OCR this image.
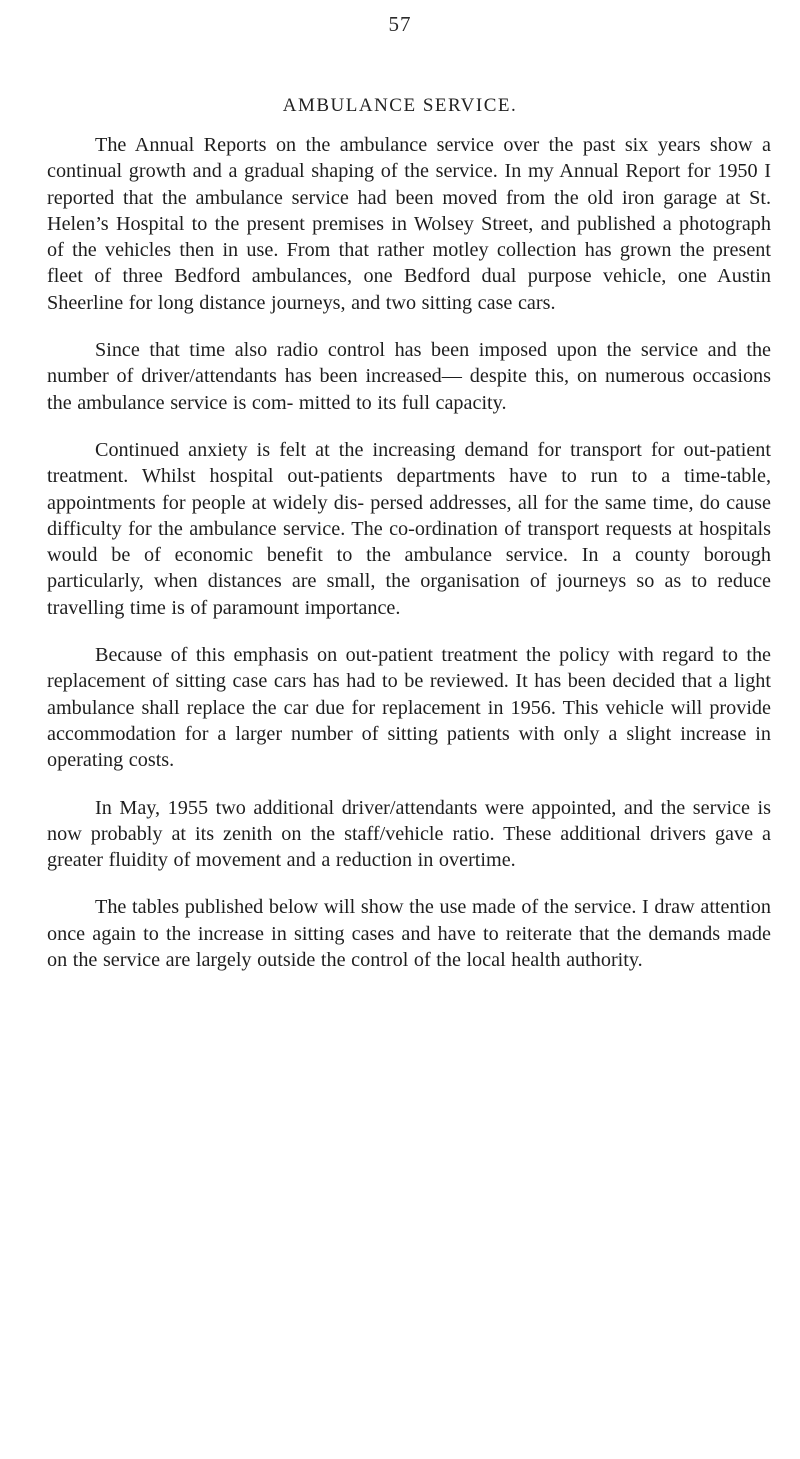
57
AMBULANCE SERVICE.

The Annual Reports on the ambulance service over the past six years show a continual growth and a gradual shaping of the service. In my Annual Report for 1950 I reported that the ambulance service had been moved from the old iron garage at St. Helen’s Hospital to the present premises in Wolsey Street, and published a photograph of the vehicles then in use. From that rather motley collection has grown the present fleet of three Bedford ambulances, one Bedford dual purpose vehicle, one Austin Sheerline for long distance journeys, and two sitting case cars.

Since that time also radio control has been imposed upon the service and the number of driver/attendants has been increased— despite this, on numerous occasions the ambulance service is com- mitted to its full capacity.

Continued anxiety is felt at the increasing demand for transport for out-patient treatment. Whilst hospital out-patients departments have to run to a time-table, appointments for people at widely dis- persed addresses, all for the same time, do cause difficulty for the ambulance service. The co-ordination of transport requests at hospitals would be of economic benefit to the ambulance service. In a county borough particularly, when distances are small, the organisation of journeys so as to reduce travelling time is of paramount importance.

Because of this emphasis on out-patient treatment the policy with regard to the replacement of sitting case cars has had to be reviewed. It has been decided that a light ambulance shall replace the car due for replacement in 1956. This vehicle will provide accommodation for a larger number of sitting patients with only a slight increase in operating costs.

In May, 1955 two additional driver/attendants were appointed, and the service is now probably at its zenith on the staff/vehicle ratio. These additional drivers gave a greater fluidity of movement and a reduction in overtime.

The tables published below will show the use made of the service. I draw attention once again to the increase in sitting cases and have to reiterate that the demands made on the service are largely outside the control of the local health authority.
